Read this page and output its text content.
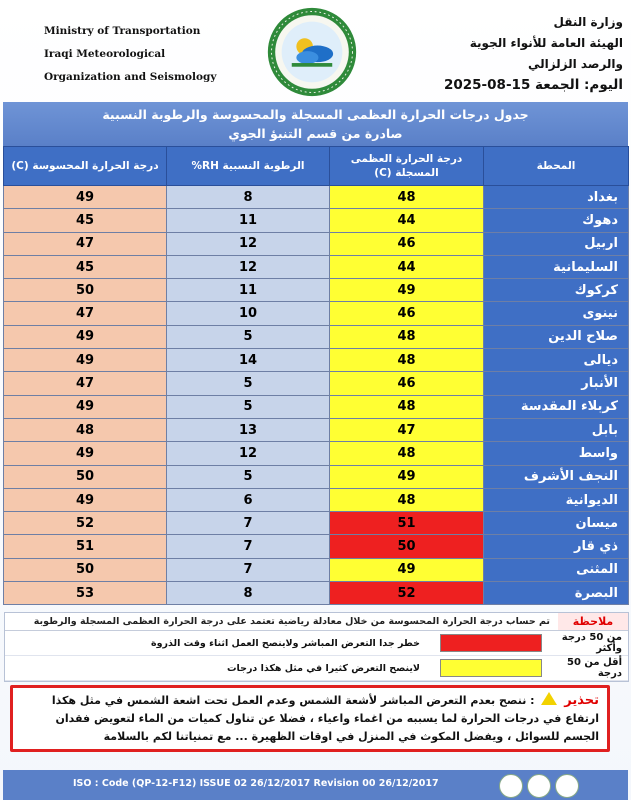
Ministry of Transportation
Iraqi Meteorological
Organization and Seismology
وزارة النقل
الهيئة العامة للأنواء الجوية
والرصد الزلزالي
اليوم: الجمعة 15-08-2025
جدول درجات الحرارة العظمى المسجلة والمحسوسة والرطوبة النسبية
صادرة من قسم التنبؤ الجوي
درجة الحرارة المحسوسة (C)	الرطوبة النسبية RH%	درجة الحرارة العظمى المسجلة (C)	المحطة
49	8	48	بغداد
45	11	44	دهوك
47	12	46	اربيل
45	12	44	السليمانية
50	11	49	كركوك
47	10	46	نينوى
49	5	48	صلاح الدين
49	14	48	ديالى
47	5	46	الأنبار
49	5	48	كربلاء المقدسة
48	13	47	بابل
49	12	48	واسط
50	5	49	النجف الأشرف
49	6	48	الديوانية
52	7	51	ميسان
51	7	50	ذي قار
50	7	49	المثنى
53	8	52	البصرة
ملاحظة
تم حساب درجة الحرارة المحسوسة من خلال معادلة رياضية تعتمد على درجة الحرارة العظمى المسجلة والرطوبة
من 50 درجة وأكثر
خطر جدا التعرض المباشر ولاينصح العمل اثناء وقت الذروة
أقل من 50 درجة
لاينصح التعرض كثيرا في مثل هكذا درجات
تحذير  : ننصح بعدم التعرض المباشر لأشعة الشمس وعدم العمل تحت اشعة الشمس في مثل هكذا ارتفاع في درجات الحرارة لما يسببه من اغماء واعياء ، فضلا عن تناول كميات من الماء لتعويض فقدان الجسم للسوائل ، ويفضل المكوث في المنزل في اوقات الظهيرة ... مع تمنياتنا لكم بالسلامة
ISO : Code (QP-12-F12) ISSUE 02 26/12/2017 Revision 00 26/12/2017
